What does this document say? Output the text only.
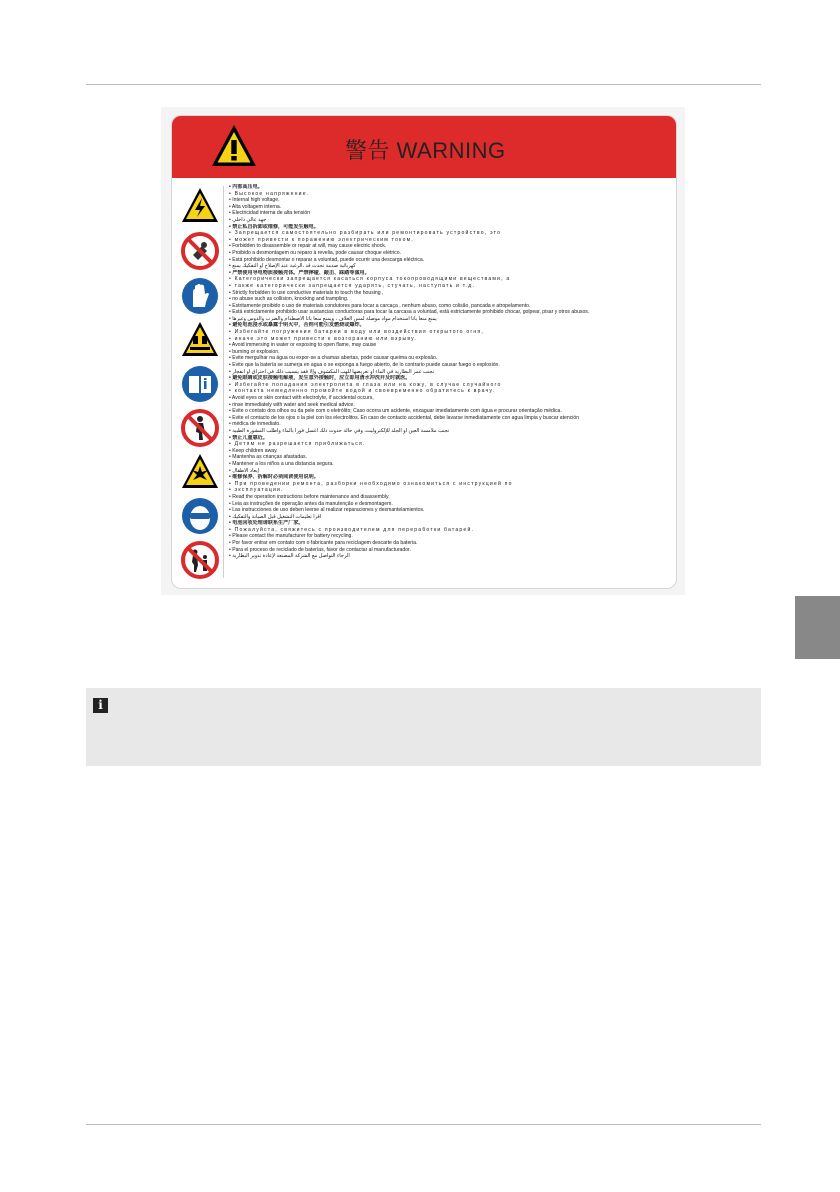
警告 WARNING
• 内部高压电。
• Высокое напряжение.
• Internal high voltage.
• Alta voltagem interna.
• Electricidad interna de alta tensión
• جهد عالي داخلي
• 禁止私自拆卸或维修，可能发生触电。
• Запрещается самостоятельно разбирать или ремонтировать устройство, это
• может привести к поражению электрическим током.
• Forbidden to disassemble or repair at will, may cause electric shock.
• Proibido a desmontagem ou reparo à revelia, pode causar choque elétrico.
• Está prohibido desmontar o reparar a voluntad, puede ocurrir una descarga eléctrica.
• كهربائية صدمة تحدث قد ،الرغبة عند الإصلاح أو التفكيك يمنع
• 严禁使用导电物质接触壳体。严禁摔碰、敲击、踩踏等滥用。
• Категорически запрещается касаться корпуса токопроводящими веществами, а
• также категорически запрещается ударять, стучать, наступать и т.д.
• Strictly forbidden to use conductive materials to touch the housing ,
• no abuse such as collision, knocking and trampling.
• Estritamente proibido o uso de materiais condutores para tocar a carcaça , nenhum abuso, como colisão, pancada e atropelamento.
• Está estrictamente prohibido usar sustancias conductoras para tocar la carcasa a voluntad, está estrictamente prohibido chocar, golpear, pisar y otros abusos.
• يمنع منعا باتا استخدام مواد موصلة لمس الغلاف ، ويمنع منعا باتا الاصطدام والضرب والدوس وغيرها
• 避免电池浸水或暴露于明火中，否则可能引发燃烧或爆炸。
• Избегайте погружения батареи в воду или воздействия открытого огня,
• иначе это может привести к возгоранию или взрыву.
• Avoid immersing in water or exposing to open flame, may cause
• burning or explosion.
• Evite mergulhar na água ou expor-se a chamas abertas, pode causar queima ou explosão.
• Evite que la batería se sumerja en agua o se exponga a fuego abierto, de lo contrario puede causar fuego o explosión.
• تجنب غمر البطارية في الماء أو تعريضها للهب المكشوف وإلا فقد يتسبب ذلك في احتراق أو انفجار
• 避免眼睛或皮肤接触电解液，发生意外接触时，应立即用清水冲洗并及时就医。
• Избегайте попадания электролита в глаза или на кожу, в случае случайного
• контакта немедленно промойте водой и своевременно обратитесь к врачу.
• Avoid eyes or skin contact with electrolyte, if accidental occurs,
• rinse immediately with water and seek medical advice.
• Evite o contato dos olhos ou da pele com o eletrólito; Caso ocorra um acidente, enxaguar imediatamente com água e procurar orientação médica.
• Evite el contacto de los ojos o la piel con los electrolitos. En caso de contacto accidental, debe lavarse inmediatamente con agua limpia y buscar atención
• médica de inmediato.
• تجنب ملامسة العين أو الجلد للإلكتروليت، وفي حالة حدوث ذلك اغسل فورا بالماء واطلب المشورة الطبية
• 禁止儿童靠近。
• Детям не разрешается приближаться.
• Keep children away.
• Mantenha as crianças afastadas.
• Mantener a los niños a una distancia segura.
• إبعاد الأطفال
• 维修保养、拆解时必须阅读使用说明。
• При проведении ремонта, разборки необходимо ознакомиться с инструкцией по
• эксплуатации.
• Read the operation instructions before maintenance and disassembly.
• Leia as instruções de operação antes da manutenção e desmontagem.
• Las instrucciones de uso deben leerse al realizar reparaciones y desmantelamientos.
• اقرأ تعليمات التشغيل قبل الصيانة والتفكيك
• 电池回收处理请联系生产厂家。
• Пожалуйста, свяжитесь с производителем для переработки батарей.
• Please contact the manufacturer for battery recycling.
• Por favor entrar em contato com o fabricante para reciclagem descarte da bateria.
• Para el proceso de reciclado de baterías, favor de contactar al manufacturador.
• الرجاء التواصل مع الشركة المصنعة لإعادة تدوير البطارية
i
